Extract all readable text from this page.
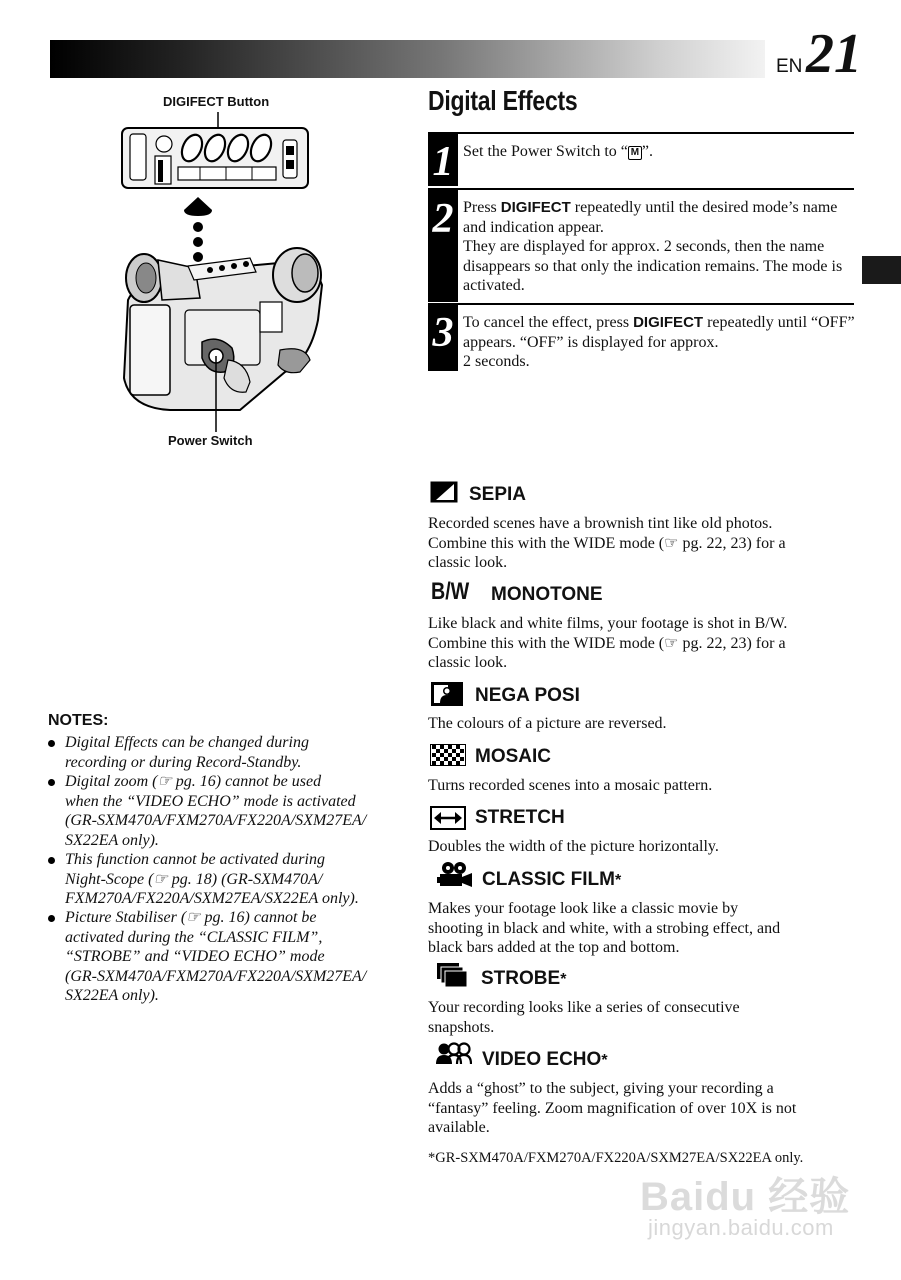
EN 21
DIGIFECT Button
Power Switch
Digital Effects
1 Set the Power Switch to “ M ”.
2 Press DIGIFECT repeatedly until the desired mode’s name and indication appear.
They are displayed for approx. 2 seconds, then the name disappears so that only the indication remains. The mode is activated.
3 To cancel the effect, press DIGIFECT repeatedly until “OFF” appears. “OFF” is displayed for approx.
2 seconds.
SEPIA
Recorded scenes have a brownish tint like old photos.
Combine this with the WIDE mode (☞ pg. 22, 23) for a
classic look.
B/W MONOTONE
Like black and white films, your footage is shot in B/W.
Combine this with the WIDE mode (☞ pg. 22, 23) for a
classic look.
NEGA POSI
The colours of a picture are reversed.
MOSAIC
Turns recorded scenes into a mosaic pattern.
STRETCH
Doubles the width of the picture horizontally.
CLASSIC FILM*
Makes your footage look like a classic movie by
shooting in black and white, with a strobing effect, and
black bars added at the top and bottom.
STROBE*
Your recording looks like a series of consecutive
snapshots.
VIDEO ECHO*
Adds a “ghost” to the subject, giving your recording a
“fantasy” feeling. Zoom magnification of over 10X is not
available.
NOTES:
Digital Effects can be changed during
recording or during Record-Standby.
Digital zoom (☞ pg. 16) cannot be used
when the “VIDEO ECHO” mode is activated
(GR-SXM470A/FXM270A/FX220A/SXM27EA/
SX22EA only).
This function cannot be activated during
Night-Scope (☞ pg. 18) (GR-SXM470A/
FXM270A/FX220A/SXM27EA/SX22EA only).
Picture Stabiliser (☞ pg. 16) cannot be
activated during the “CLASSIC FILM”,
“STROBE” and “VIDEO ECHO” mode
(GR-SXM470A/FXM270A/FX220A/SXM27EA/
SX22EA only).
*GR-SXM470A/FXM270A/FX220A/SXM27EA/SX22EA only.
Baidu 经验
jingyan.baidu.com
